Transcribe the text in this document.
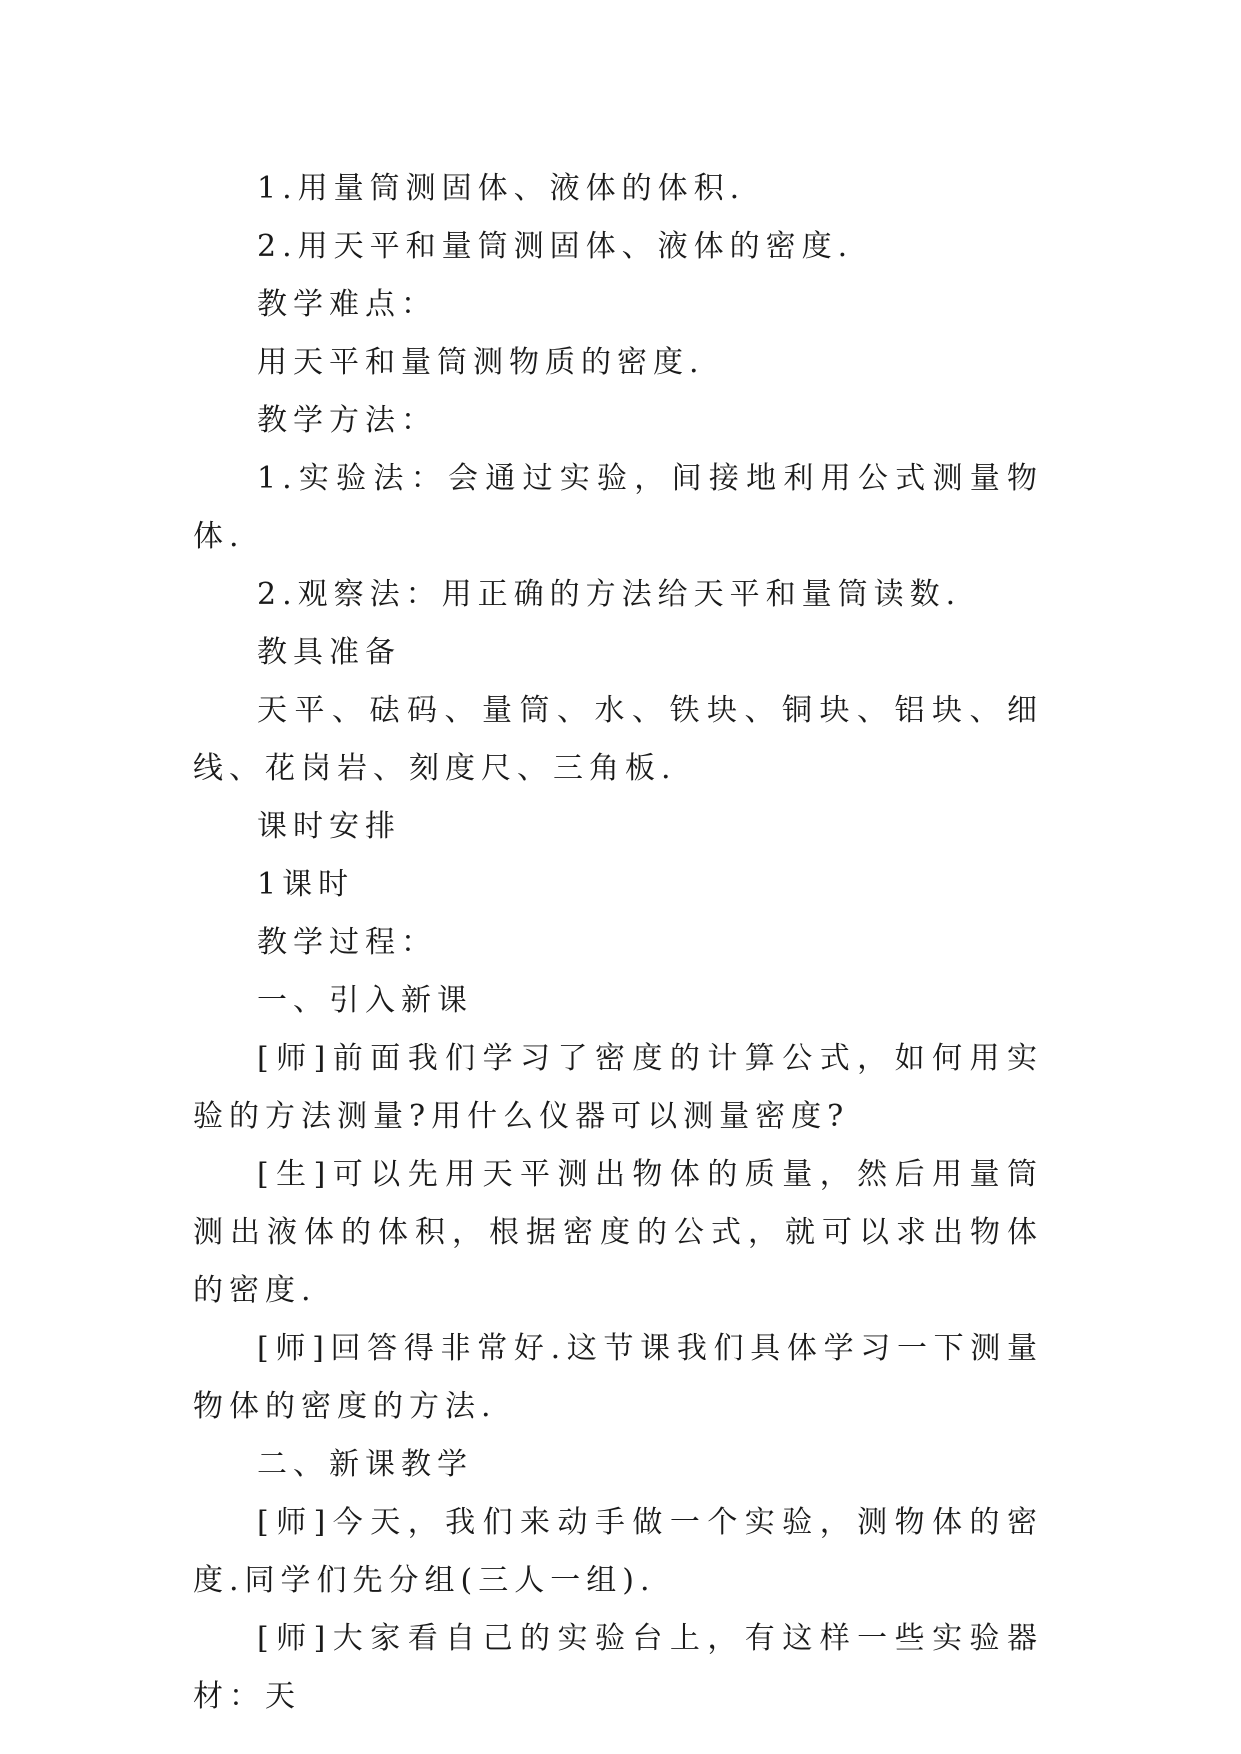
1.用量筒测固体、液体的体积.

2.用天平和量筒测固体、液体的密度.

教学难点：

用天平和量筒测物质的密度.

教学方法：

1.实验法：会通过实验，间接地利用公式测量物体.

2.观察法：用正确的方法给天平和量筒读数.

教具准备

天平、砝码、量筒、水、铁块、铜块、铝块、细线、花岗岩、刻度尺、三角板.

课时安排

1课时

教学过程：

一、引入新课

[师]前面我们学习了密度的计算公式，如何用实验的方法测量?用什么仪器可以测量密度?

[生]可以先用天平测出物体的质量，然后用量筒测出液体的体积，根据密度的公式，就可以求出物体的密度.

[师]回答得非常好.这节课我们具体学习一下测量物体的密度的方法.

二、新课教学

[师]今天，我们来动手做一个实验，测物体的密度.同学们先分组(三人一组).

[师]大家看自己的实验台上，有这样一些实验器材：天
